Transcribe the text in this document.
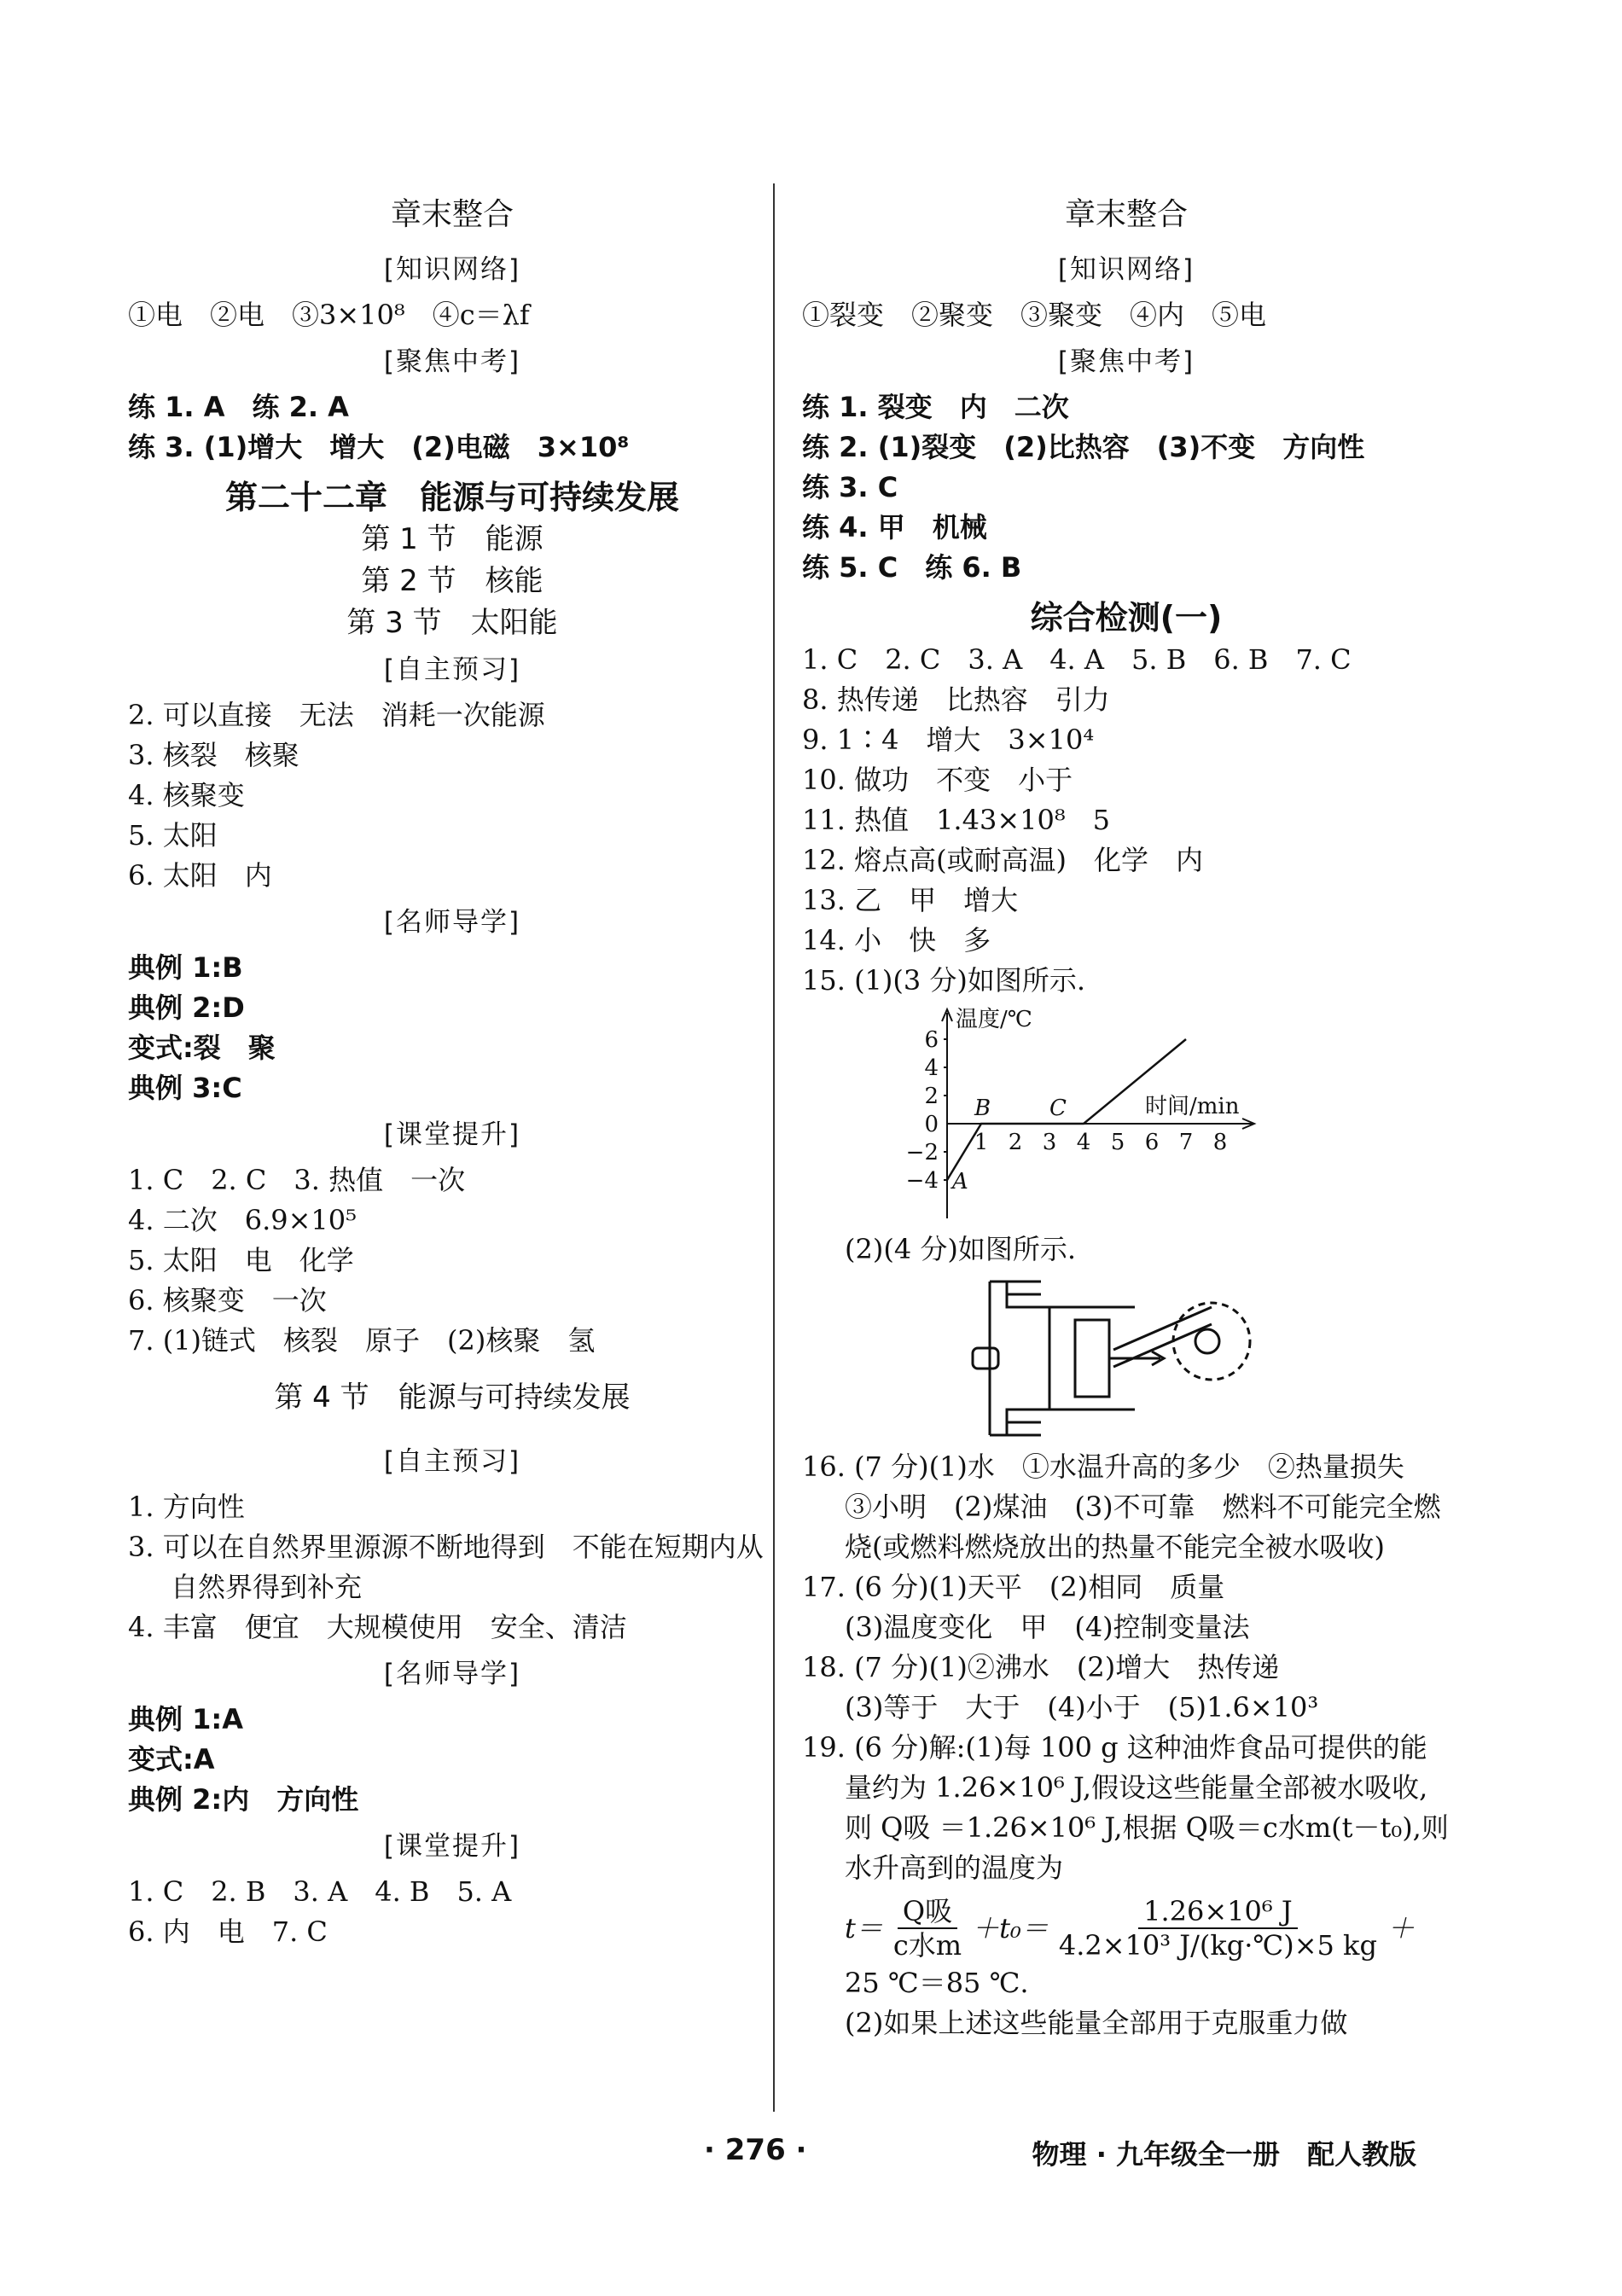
章末整合
[知识网络]
①电　②电　③3×10⁸　④c＝λf
[聚焦中考]
练 1. A　练 2. A
练 3. (1)增大　增大　(2)电磁　3×10⁸
第二十二章　能源与可持续发展
第 1 节　能源
第 2 节　核能
第 3 节　太阳能
[自主预习]
2. 可以直接　无法　消耗一次能源
3. 核裂　核聚
4. 核聚变
5. 太阳
6. 太阳　内
[名师导学]
典例 1:B
典例 2:D
变式:裂　聚
典例 3:C
[课堂提升]
1. C　2. C　3. 热值　一次
4. 二次　6.9×10⁵
5. 太阳　电　化学
6. 核聚变　一次
7. (1)链式　核裂　原子　(2)核聚　氢
第 4 节　能源与可持续发展
[自主预习]
1. 方向性
3. 可以在自然界里源源不断地得到　不能在短期内从自然界得到补充
4. 丰富　便宜　大规模使用　安全、清洁
[名师导学]
典例 1:A
变式:A
典例 2:内　方向性
[课堂提升]
1. C　2. B　3. A　4. B　5. A
6. 内　电　7. C
章末整合
[知识网络]
①裂变　②聚变　③聚变　④内　⑤电
[聚焦中考]
练 1. 裂变　内　二次
练 2. (1)裂变　(2)比热容　(3)不变　方向性
练 3. C
练 4. 甲　机械
练 5. C　练 6. B
综合检测(一)
1. C　2. C　3. A　4. A　5. B　6. B　7. C
8. 热传递　比热容　引力
9. 1∶4　增大　3×10⁴
10. 做功　不变　小于
11. 热值　1.43×10⁸　5
12. 熔点高(或耐高温)　化学　内
13. 乙　甲　增大
14. 小　快　多
15. (1)(3 分)如图所示.
温度/℃
时间/min
6
4
2
0
−2
−4
1 2 3 4 5 6 7 8
A
B	C
(2)(4 分)如图所示.
16. (7 分)(1)水　①水温升高的多少　②热量损失　③小明　(2)煤油　(3)不可靠　燃料不可能完全燃烧(或燃料燃烧放出的热量不能完全被水吸收)
17. (6 分)(1)天平　(2)相同　质量
(3)温度变化　甲　(4)控制变量法
18. (7 分)(1)②沸水　(2)增大　热传递
(3)等于　大于　(4)小于　(5)1.6×10³
19. (6 分)解:(1)每 100 g 这种油炸食品可提供的能量约为 1.26×10⁶ J,假设这些能量全部被水吸收,则 Q吸 ＝1.26×10⁶ J,根据 Q吸＝c水m(t－t₀),则水升高到的温度为
$t= \frac{\text{Q吸}}{\text{c水m}} +t_0= \frac{\text{1.26×10⁶ J}}{\text{4.2×10³ J/(kg·℃)×5 kg}}$ ＋
25 ℃＝85 ℃.
(2)如果上述这些能量全部用于克服重力做
· 276 ·	物理 · 九年级全一册　配人教版
